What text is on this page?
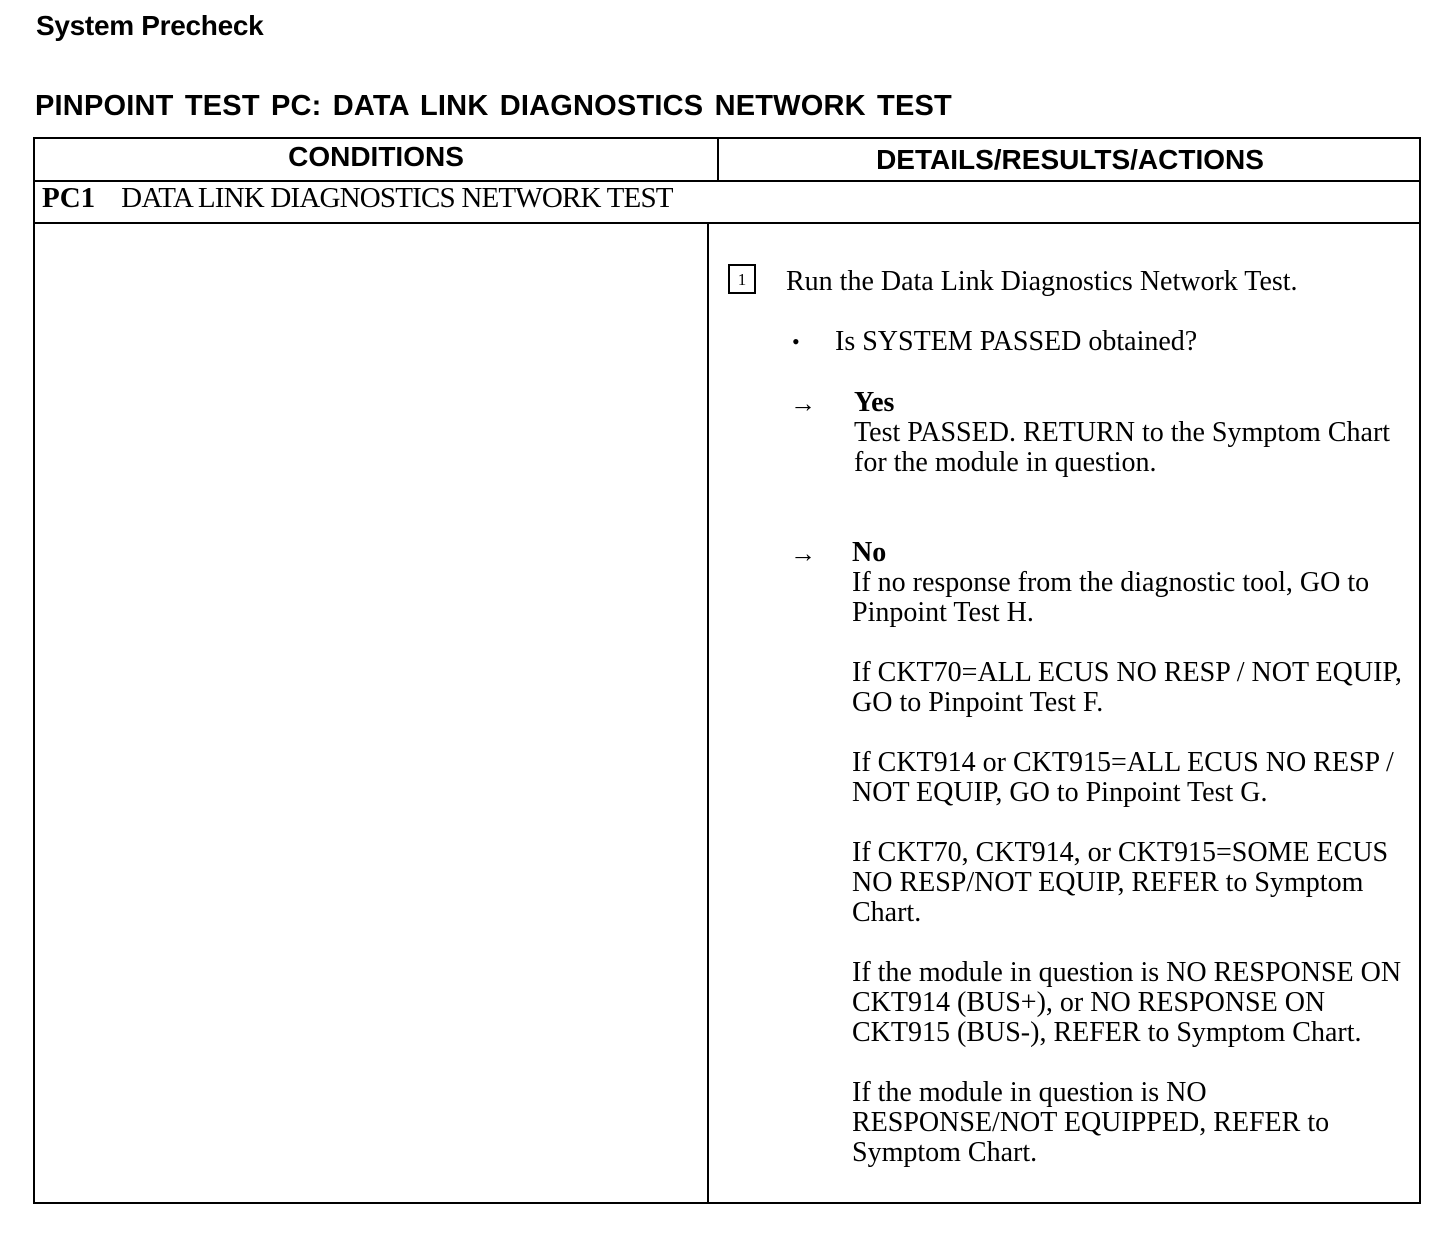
System Precheck
PINPOINT TEST PC: DATA LINK DIAGNOSTICS NETWORK TEST
CONDITIONS	DETAILS/RESULTS/ACTIONS
PC1 DATA LINK DIAGNOSTICS NETWORK TEST
1	Run the Data Link Diagnostics Network Test.
• Is SYSTEM PASSED obtained?
→ Yes
Test PASSED. RETURN to the Symptom Chart for the module in question.
→ No
If no response from the diagnostic tool, GO to Pinpoint Test H.
If CKT70=ALL ECUS NO RESP / NOT EQUIP, GO to Pinpoint Test F.
If CKT914 or CKT915=ALL ECUS NO RESP / NOT EQUIP, GO to Pinpoint Test G.
If CKT70, CKT914, or CKT915=SOME ECUS NO RESP/NOT EQUIP, REFER to Symptom Chart.
If the module in question is NO RESPONSE ON CKT914 (BUS+), or NO RESPONSE ON CKT915 (BUS-), REFER to Symptom Chart.
If the module in question is NO RESPONSE/NOT EQUIPPED, REFER to Symptom Chart.
